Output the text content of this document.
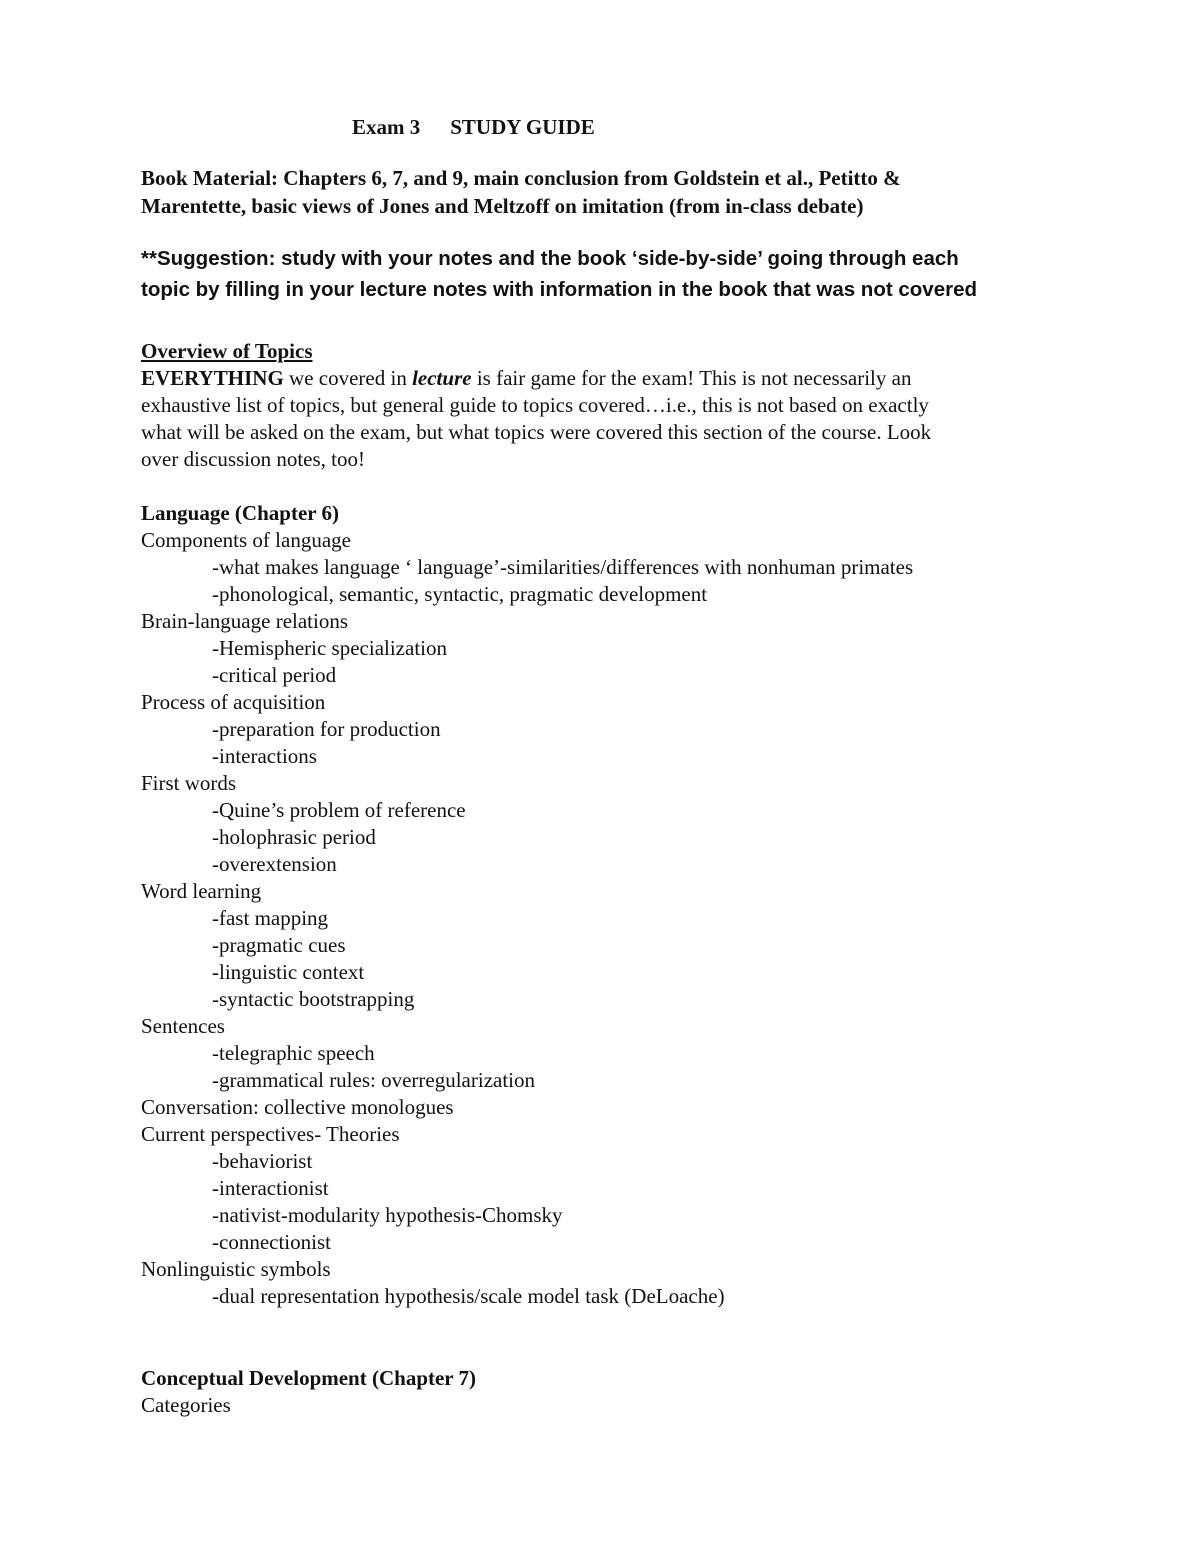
Exam 3 STUDY GUIDE
Book Material: Chapters 6, 7, and 9, main conclusion from Goldstein et al., Petitto &
Marentette, basic views of Jones and Meltzoff on imitation (from in-class debate)
**Suggestion: study with your notes and the book ‘side-by-side’ going through each
topic by filling in your lecture notes with information in the book that was not covered
Overview of Topics
EVERYTHING we covered in lecture is fair game for the exam! This is not necessarily an
exhaustive list of topics, but general guide to topics covered…i.e., this is not based on exactly
what will be asked on the exam, but what topics were covered this section of the course. Look
over discussion notes, too!
Language (Chapter 6)
Components of language
-what makes language ‘ language’-similarities/differences with nonhuman primates
-phonological, semantic, syntactic, pragmatic development
Brain-language relations
-Hemispheric specialization
-critical period
Process of acquisition
-preparation for production
-interactions
First words
-Quine’s problem of reference
-holophrasic period
-overextension
Word learning
-fast mapping
-pragmatic cues
-linguistic context
-syntactic bootstrapping
Sentences
-telegraphic speech
-grammatical rules: overregularization
Conversation: collective monologues
Current perspectives- Theories
-behaviorist
-interactionist
-nativist-modularity hypothesis-Chomsky
-connectionist
Nonlinguistic symbols
-dual representation hypothesis/scale model task (DeLoache)
Conceptual Development (Chapter 7)
Categories
